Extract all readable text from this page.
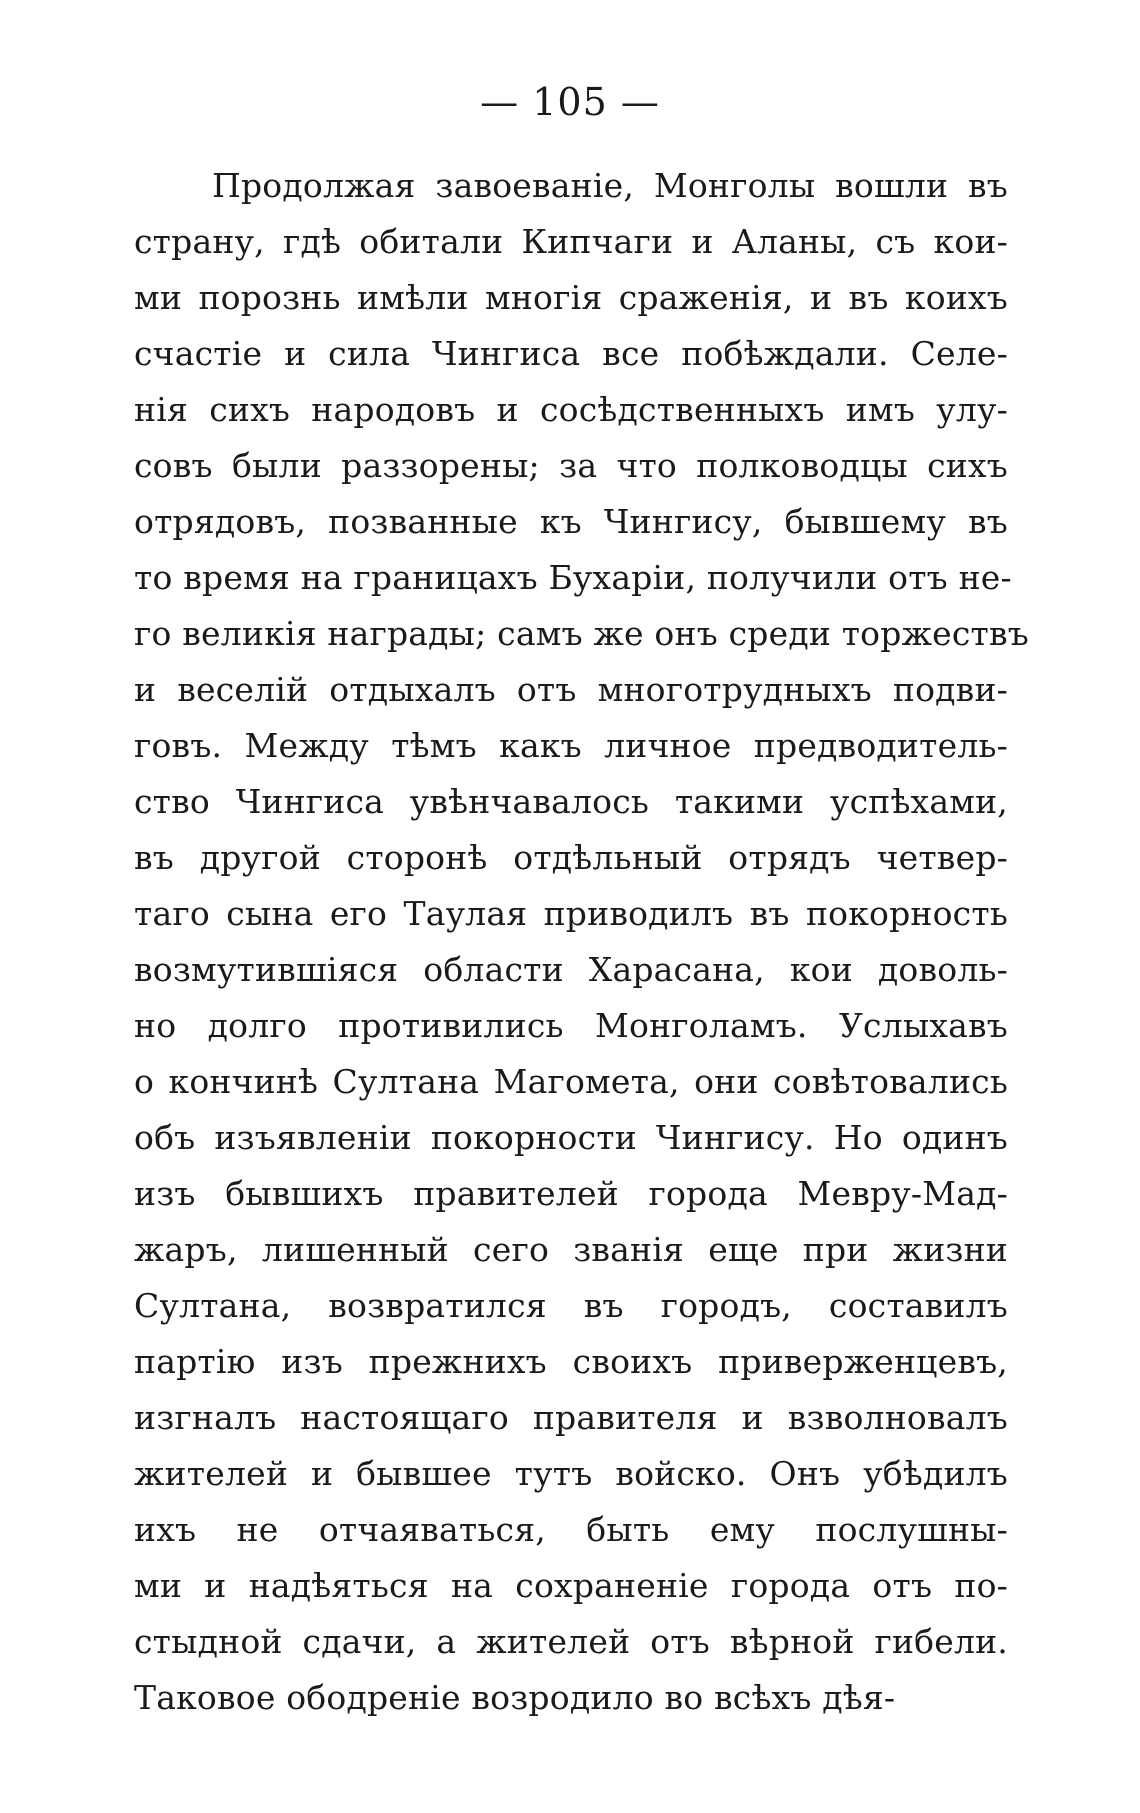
— 105 —
Продолжая завоеваніе, Монголы вошли въ
страну, гдѣ обитали Кипчаги и Аланы, съ кои-
ми порознь имѣли многія сраженія, и въ коихъ
счастіе и сила Чингиса все побѣждали. Селе-
нія сихъ народовъ и сосѣдственныхъ имъ улу-
совъ были раззорены; за что полководцы сихъ
отрядовъ, позванные къ Чингису, бывшему въ
то время на границахъ Бухаріи, получили отъ не-
го великія награды; самъ же онъ среди торжествъ
и веселій отдыхалъ отъ многотрудныхъ подви-
говъ. Между тѣмъ какъ личное предводитель-
ство Чингиса увѣнчавалось такими успѣхами,
въ другой сторонѣ отдѣльный отрядъ четвер-
таго сына его Таулая приводилъ въ покорность
возмутившіяся области Харасана, кои доволь-
но долго противились Монголамъ. Услыхавъ
о кончинѣ Султана Магомета, они совѣтовались
объ изъявленіи покорности Чингису. Но одинъ
изъ бывшихъ правителей города Мевру-Мад-
жаръ, лишенный сего званія еще при жизни
Султана, возвратился въ городъ, составилъ
партію изъ прежнихъ своихъ приверженцевъ,
изгналъ настоящаго правителя и взволновалъ
жителей и бывшее тутъ войско. Онъ убѣдилъ
ихъ не отчаяваться, быть ему послушны-
ми и надѣяться на сохраненіе города отъ по-
стыдной сдачи, а жителей отъ вѣрной гибели.
Таковое ободреніе возродило во всѣхъ дѣя-
